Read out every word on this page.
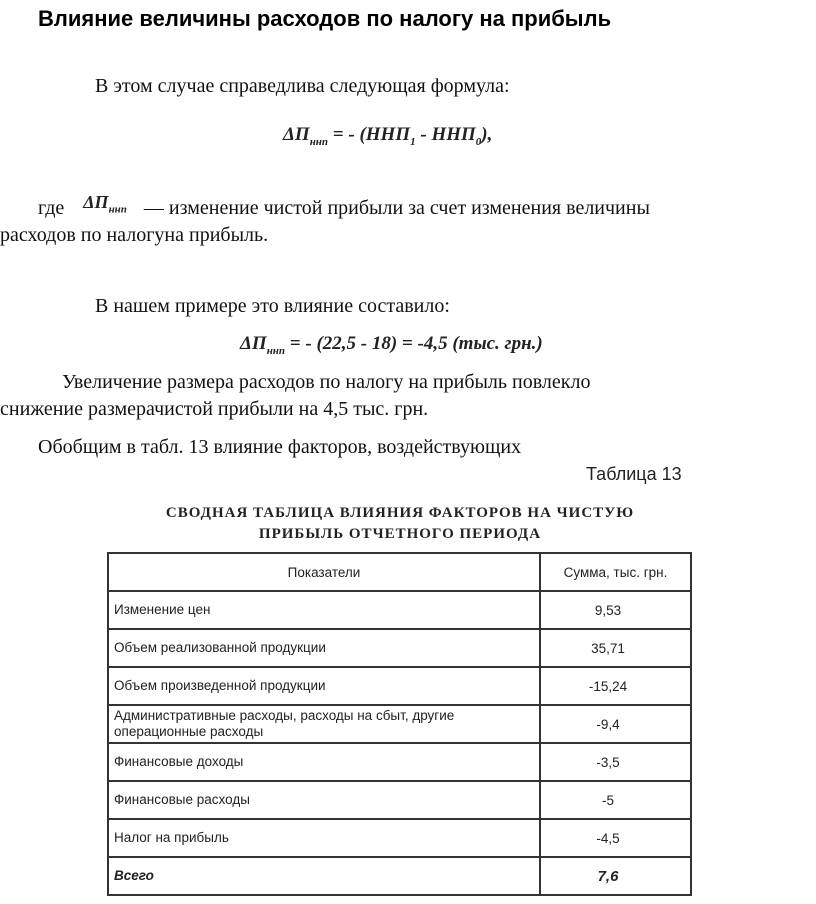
Влияние величины расходов по налогу на прибыль
В этом случае справедлива следующая формула:
$\Delta П_{ннп}$ = - $(ННП_1 - ННП_0)$,
где $\Delta П_{ннп}$ — изменение чистой прибыли за счет изменения величины
расходов по налогуна прибыль.
В нашем примере это влияние составило:
$\Delta П_{ннп}$ = - (22,5 - 18) = -4,5 (тыс. грн.)
Увеличение размера расходов по налогу на прибыль повлекло
снижение размерачистой прибыли на 4,5 тыс. грн.
Обобщим в табл. 13 влияние факторов, воздействующих
Таблица 13
СВОДНАЯ ТАБЛИЦА ВЛИЯНИЯ ФАКТОРОВ НА ЧИСТУЮ
ПРИБЫЛЬ ОТЧЕТНОГО ПЕРИОДА
Показатели	Сумма, тыс. грн.
Изменение цен	9,53
Объем реализованной продукции	35,71
Объем произведенной продукции	-15,24
Административные расходы, расходы на сбыт, другие операционные расходы	-9,4
Финансовые доходы	-3,5
Финансовые расходы	-5
Налог на прибыль	-4,5
Всего	7,6
